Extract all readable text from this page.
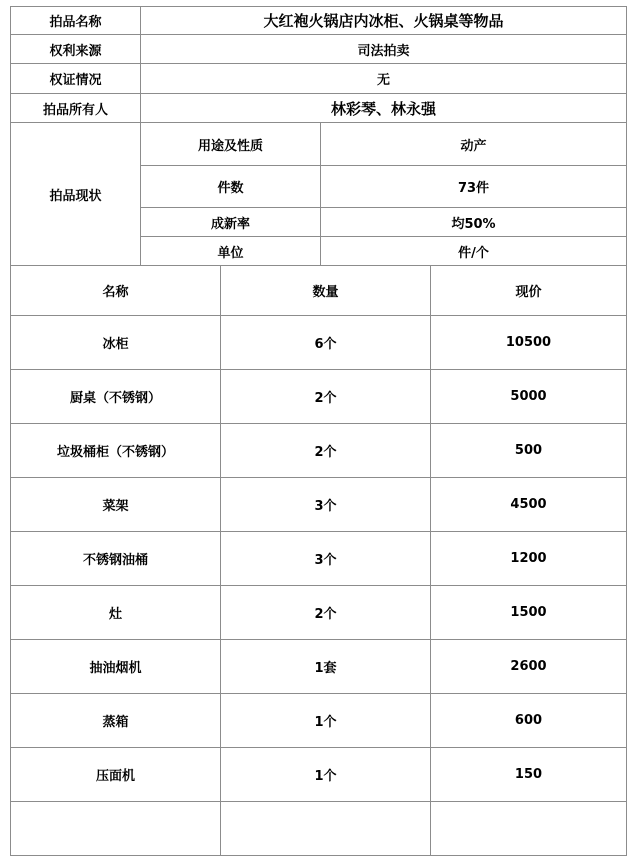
拍品名称	大红袍火锅店内冰柜、火锅桌等物品	
权利来源	司法拍卖	
权证情况	无	
拍品所有人	林彩琴、林永强	
拍品现状	用途及性质	动产
	件数	73件
	成新率	均50%
	单位	件/个
名称	数量	现价
冰柜	6个	10500
厨桌（不锈钢）	2个	5000
垃圾桶柜（不锈钢）	2个	500
菜架	3个	4500
不锈钢油桶	3个	1200
灶	2个	1500
抽油烟机	1套	2600
蒸箱	1个	600
压面机	1个	150
